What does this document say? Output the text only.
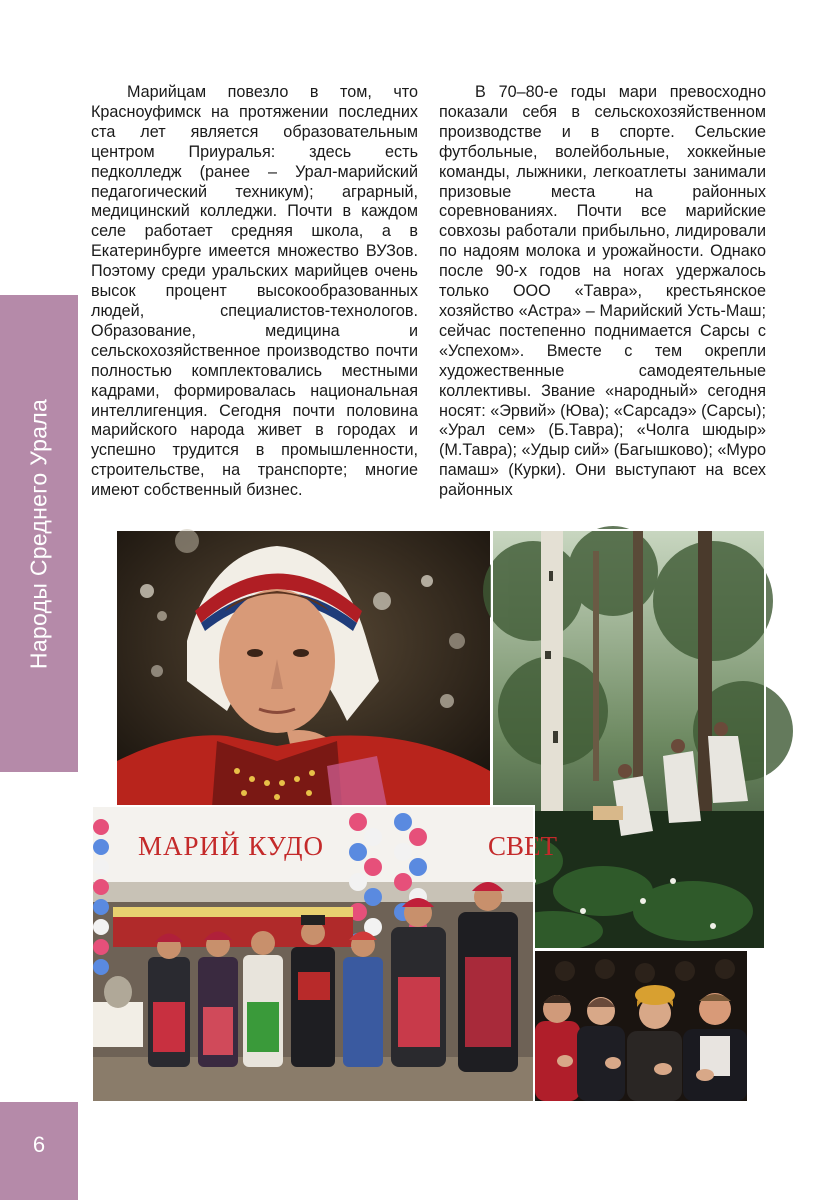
Народы Среднего Урала
6

Марийцам повезло в том, что Красноуфимск на протяжении последних ста лет является образовательным центром Приуралья: здесь есть педколледж (ранее – Урал-марийский педагогический техникум); аграрный, медицинский колледжи. Почти в каждом селе работает средняя школа, а в Екатеринбурге имеется множество ВУЗов. Поэтому среди уральских марийцев очень высок процент высокообразованных людей, специалистов-технологов. Образование, медицина и сельскохозяйственное производство почти полностью комплектовались местными кадрами, формировалась национальная интеллигенция. Сегодня почти половина марийского народа живет в городах и успешно трудится в промышленности, строительстве, на транспорте; многие имеют собственный бизнес.

В 70–80-е годы мари превосходно показали себя в сельскохозяйственном производстве и в спорте. Сельские футбольные, волейбольные, хоккейные команды, лыжники, легкоатлеты занимали призовые места на районных соревнованиях. Почти все марийские совхозы работали прибыльно, лидировали по надоям молока и урожайности. Однако после 90-х годов на ногах удержалось только ООО «Тавра», крестьянское хозяйство «Астра» – Марийский Усть-Маш; сейчас постепенно поднимается Сарсы с «Успехом». Вместе с тем окрепли художественные самодеятельные коллективы. Звание «народный» сегодня носят: «Эрвий» (Юва); «Сарсадэ» (Сарсы); «Урал сем» (Б.Тавра); «Чолга шюдыр» (М.Тавра); «Удыр сий» (Багышково); «Муро памаш» (Курки). Они выступают на всех районных

МАРИЙ КУДО	СВЕТ
